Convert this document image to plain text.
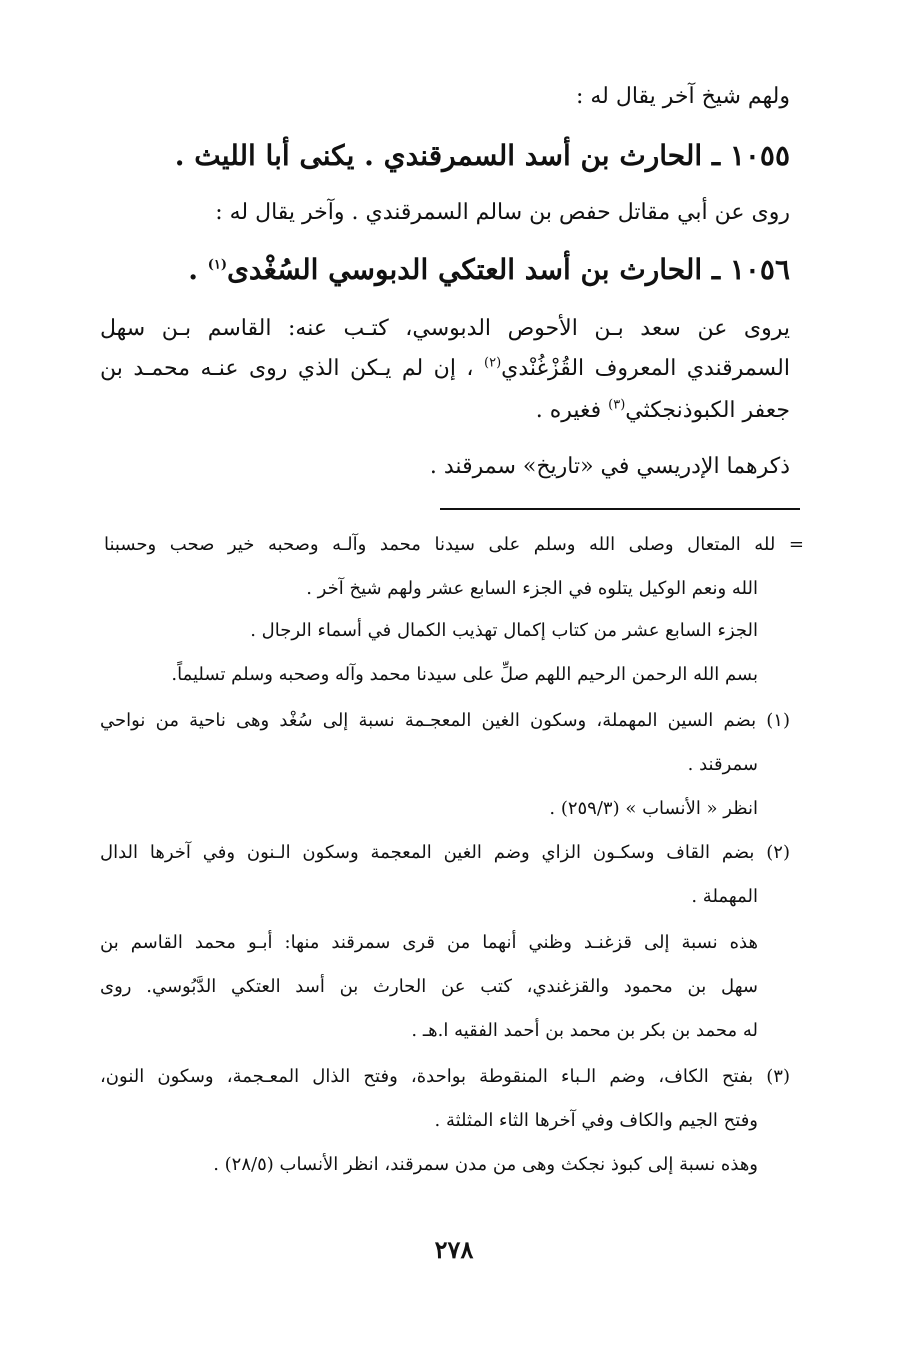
ولهم شيخ آخر يقال له :
١٠٥٥ ـ الحارث بن أسد السمرقندي . يكنى أبا الليث .
روى عن أبي مقاتل حفص بن سالم السمرقندي . وآخر يقال له :
١٠٥٦ ـ الحارث بن أسد العتكي الدبوسي السُغْدى$^{(١)}$ .
يروى عن سعد بـن الأحوص الدبوسي، كتـب عنه: القاسم بـن سهل
السمرقندي المعروف القُزْغُنْدي$^{(٢)}$ ، إن لم يـكن الذي روى عنـه محمـد بن
جعفر الكبوذنجكثي$^{(٣)}$ فغيره .
ذكرهما الإدريسي في «تاريخ» سمرقند .
= لله المتعال وصلى الله وسلم على سيدنا محمد وآلـه وصحبه خير صحب وحسبنا
الله ونعم الوكيل يتلوه في الجزء السابع عشر ولهم شيخ آخر .
الجزء السابع عشر من كتاب إكمال تهذيب الكمال في أسماء الرجال .
بسم الله الرحمن الرحيم اللهم صلِّ على سيدنا محمد وآله وصحبه وسلم تسليماً.
(١) بضم السين المهملة، وسكون الغين المعجـمة نسبة إلى سُغْد وهى ناحية من نواحي
سمرقند .
انظر « الأنساب » (٢٥٩/٣) .
(٢) بضم القاف وسكـون الزاي وضم الغين المعجمة وسكون الـنون وفي آخرها الدال
المهملة .
هذه نسبة إلى قزغنـد وظني أنهما من قرى سمرقند منها: أبـو محمد القاسم بن
سهل بن محمود والقزغندي، كتب عن الحارث بن أسد العتكي الدَّبُوسي. روى
له محمد بن بكر بن محمد بن أحمد الفقيه ا.هـ .
(٣) بفتح الكاف، وضم الـباء المنقوطة بواحدة، وفتح الذال المعـجمة، وسكون النون،
وفتح الجيم والكاف وفي آخرها الثاء المثلثة .
وهذه نسبة إلى كبوذ نجكث وهى من مدن سمرقند، انظر الأنساب (٢٨/٥) .
٢٧٨
